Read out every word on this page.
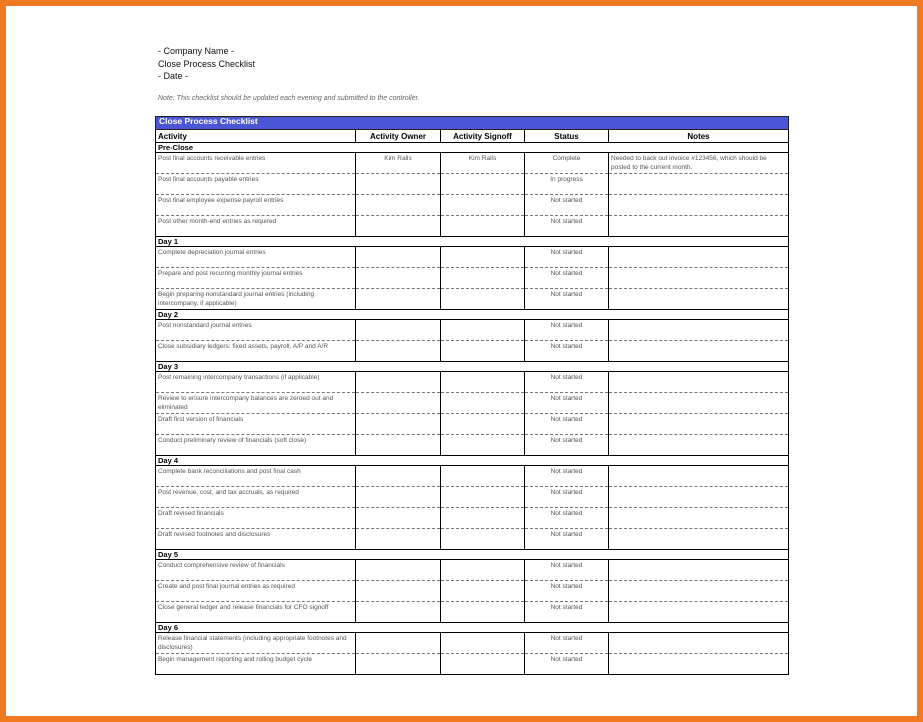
- Company Name -
Close Process Checklist
- Date -
Note: This checklist should be updated each evening and submitted to the controller.
Close Process Checklist				
Activity	Activity Owner	Activity Signoff	Status	Notes
Pre-Close				
Post final accounts receivable entries	Kim Ralls	Kim Ralls	Complete	Needed to back out invoice #123456, which should be posted to the current month.
Post final accounts payable entries			In progress	
Post final employee expense payroll entries			Not started	
Post other month-end entries as required			Not started	
Day 1				
Complete depreciation journal entries			Not started	
Prepare and post recurring monthly journal entries			Not started	
Begin preparing nonstandard journal entries (including intercompany, if applicable)			Not started	
Day 2				
Post nonstandard journal entries			Not started	
Close subsidiary ledgers: fixed assets, payroll, A/P and A/R			Not started	
Day 3				
Post remaining intercompany transactions (if applicable)			Not started	
Review to ensure intercompany balances are zeroed out and eliminated			Not started	
Draft first version of financials			Not started	
Conduct preliminary review of financials (soft close)			Not started	
Day 4				
Complete bank reconciliations and post final cash			Not started	
Post revenue, cost, and tax accruals, as required			Not started	
Draft revised financials			Not started	
Draft revised footnotes and disclosures			Not started	
Day 5				
Conduct comprehensive review of financials			Not started	
Create and post final journal entries as required			Not started	
Close general ledger and release financials for CFO signoff			Not started	
Day 6				
Release financial statements (including appropriate footnotes and disclosures)			Not started	
Begin management reporting and rolling budget cycle			Not started	
